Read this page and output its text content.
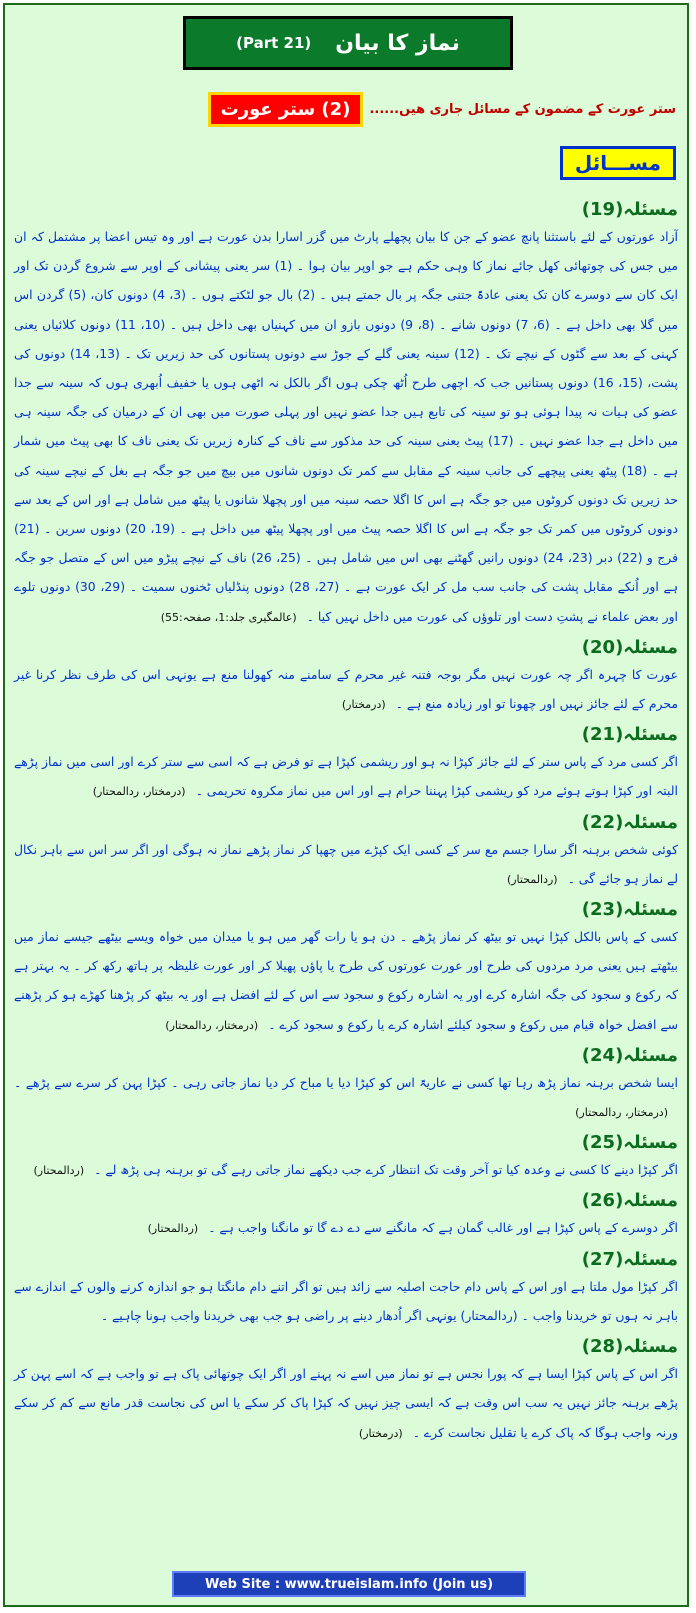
نماز کا بیان
(Part 21)
(2) ستر عورت	ستر عورت کے مضمون کے مسائل جاری ھیں......
مســـائل
مسئلہ(19)
آزاد عورتوں کے لئے باستثنا پانچ عضو کے جن کا بیان پچھلے پارٹ میں گزر اسارا بدن عورت ہے اور وہ تیس اعضا پر مشتمل کہ ان میں جس کی چوتھائی کھل جائے نماز کا وہی حکم ہے جو اوپر بیان ہوا ۔ (1) سر یعنی پیشانی کے اوپر سے شروع گردن تک اور ایک کان سے دوسرے کان تک یعنی عادۃً جتنی جگہ پر بال جمتے ہیں ۔ (2) بال جو لٹکتے ہوں ۔ (3، 4) دونوں کان، (5) گردن اس میں گلا بھی داخل ہے ۔ (6، 7) دونوں شانے ۔ (8، 9) دونوں بازو ان میں کہنیاں بھی داخل ہیں ۔ (10، 11) دونوں کلائیاں یعنی کہنی کے بعد سے گٹوں کے نیچے تک ۔ (12) سینہ یعنی گلے کے جوڑ سے دونوں پستانوں کی حد زیریں تک ۔ (13، 14) دونوں کی پشت، (15، 16) دونوں پستانیں جب کہ اچھی طرح اُٹھ چکی ہوں اگر بالکل نہ اٹھی ہوں یا خفیف اُبھری ہوں کہ سینہ سے جدا عضو کی ہیات نہ پیدا ہوئی ہو تو سینہ کی تابع ہیں جدا عضو نہیں اور پہلی صورت میں بھی ان کے درمیان کی جگہ سینہ ہی میں داخل ہے جدا عضو نہیں ۔ (17) پیٹ یعنی سینہ کی حد مذکور سے ناف کے کنارہ زیریں تک یعنی ناف کا بھی پیٹ میں شمار ہے ۔ (18) پیٹھ یعنی پیچھے کی جانب سینہ کے مقابل سے کمر تک دونوں شانوں میں بیچ میں جو جگہ ہے بغل کے نیچے سینہ کی حد زیریں تک دونوں کروٹوں میں جو جگہ ہے اس کا اگلا حصہ سینہ میں اور پچھلا شانوں یا پیٹھ میں شامل ہے اور اس کے بعد سے دونوں کروٹوں میں کمر تک جو جگہ ہے اس کا اگلا حصہ پیٹ میں اور پچھلا پیٹھ میں داخل ہے ۔ (19، 20) دونوں سرین ۔ (21) فرج و (22) دبر (23، 24) دونوں رانیں گھٹنے بھی اس میں شامل ہیں ۔ (25، 26) ناف کے نیچے پیڑو میں اس کے متصل جو جگہ ہے اور اُنکے مقابل پشت کی جانب سب مل کر ایک عورت ہے ۔ (27، 28) دونوں پنڈلیاں ٹخنوں سمیت ۔ (29، 30) دونوں تلوے اور بعض علماء نے پشتِ دست اور تلوؤں کی عورت میں داخل نہیں کیا ۔(عالمگیری جلد:1، صفحہ:55)
مسئلہ(20)
عورت کا چہرہ اگر چہ عورت نہیں مگر بوجہ فتنہ غیر محرم کے سامنے منہ کھولنا منع ہے یونہی اس کی طرف نظر کرنا غیر محرم کے لئے جائز نہیں اور چھونا تو اور زیادہ منع ہے ۔(درمختار)
مسئلہ(21)
اگر کسی مرد کے پاس ستر کے لئے جائز کپڑا نہ ہو اور ریشمی کپڑا ہے تو فرض ہے کہ اسی سے ستر کرے اور اسی میں نماز پڑھے البتہ اور کپڑا ہوتے ہوئے مرد کو ریشمی کپڑا پہننا حرام ہے اور اس میں نماز مکروہ تحریمی ۔(درمختار، ردالمحتار)
مسئلہ(22)
کوئی شخص برہنہ اگر سارا جسم مع سر کے کسی ایک کپڑے میں چھپا کر نماز پڑھے نماز نہ ہوگی اور اگر سر اس سے باہر نکال لے نماز ہو جائے گی ۔(ردالمحتار)
مسئلہ(23)
کسی کے پاس بالکل کپڑا نہیں تو بیٹھ کر نماز پڑھے ۔ دن ہو یا رات گھر میں ہو یا میدان میں خواہ ویسے بیٹھے جیسے نماز میں بیٹھتے ہیں یعنی مرد مردوں کی طرح اور عورت عورتوں کی طرح یا پاؤں پھیلا کر اور عورت غلیظہ پر ہاتھ رکھ کر ۔ یہ بہتر ہے کہ رکوع و سجود کی جگہ اشارہ کرے اور یہ اشارہ رکوع و سجود سے اس کے لئے افضل ہے اور یہ بیٹھ کر پڑھنا کھڑے ہو کر پڑھنے سے افضل خواہ قیام میں رکوع و سجود کیلئے اشارہ کرے یا رکوع و سجود کرے ۔(درمختار، ردالمحتار)
مسئلہ(24)
ایسا شخص برہنہ نماز پڑھ رہا تھا کسی نے عاریۃً اس کو کپڑا دیا یا مباح کر دیا نماز جاتی رہی ۔ کپڑا پہن کر سرے سے پڑھے ۔(درمختار، ردالمحتار)
مسئلہ(25)
اگر کپڑا دینے کا کسی نے وعدہ کیا تو آخر وقت تک انتظار کرے جب دیکھے نماز جاتی رہے گی تو برہنہ ہی پڑھ لے ۔(ردالمحتار)
مسئلہ(26)
اگر دوسرے کے پاس کپڑا ہے اور غالب گمان ہے کہ مانگنے سے دے دے گا تو مانگنا واجب ہے ۔(ردالمحتار)
مسئلہ(27)
اگر کپڑا مول ملتا ہے اور اس کے پاس دام حاجت اصلیہ سے زائد ہیں تو اگر اتنے دام مانگتا ہو جو اندازہ کرنے والوں کے اندازے سے باہر نہ ہوں تو خریدنا واجب ۔ (ردالمحتار) یونہی اگر اُدھار دینے پر راضی ہو جب بھی خریدنا واجب ہونا چاہیے ۔
مسئلہ(28)
اگر اس کے پاس کپڑا ایسا ہے کہ پورا نجس ہے تو نماز میں اسے نہ پہنے اور اگر ایک چوتھائی پاک ہے تو واجب ہے کہ اسے پہن کر پڑھے برہنہ جائز نہیں یہ سب اس وقت ہے کہ ایسی چیز نہیں کہ کپڑا پاک کر سکے یا اس کی نجاست قدر مانع سے کم کر سکے ورنہ واجب ہوگا کہ پاک کرے یا تقلیل نجاست کرے ۔(درمختار)
Web Site : www.trueislam.info (Join us)
